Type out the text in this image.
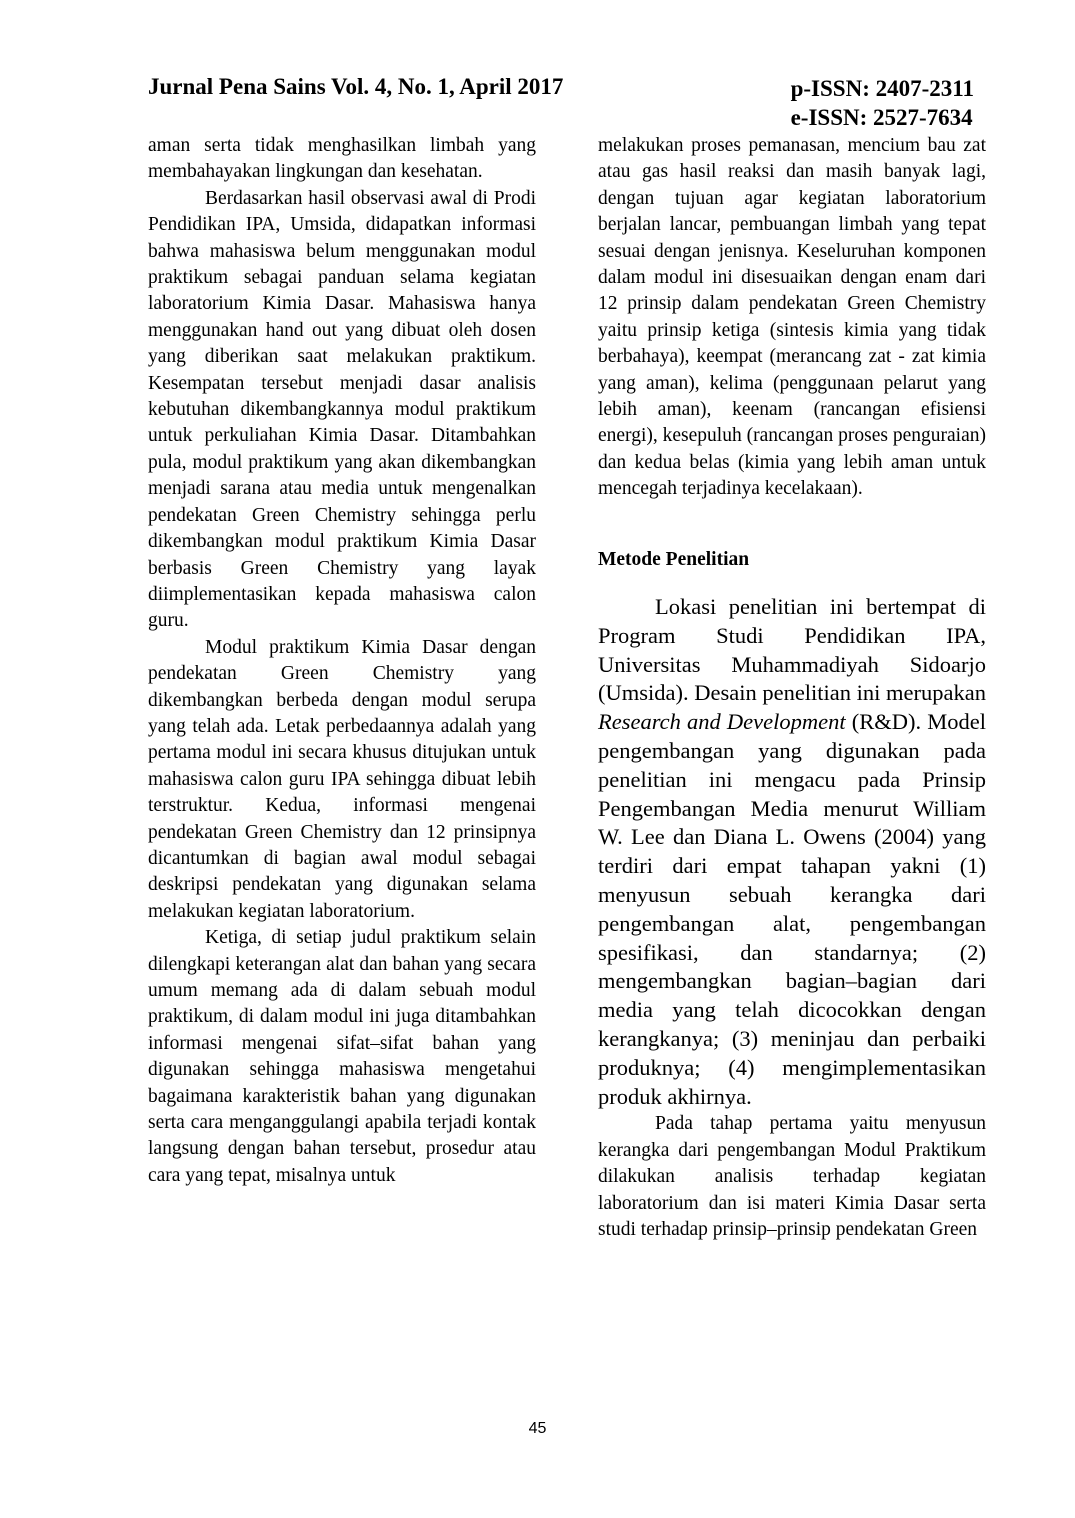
Jurnal Pena Sains Vol. 4, No. 1, April 2017	p-ISSN: 2407-2311
e-ISSN: 2527-7634

aman serta tidak menghasilkan limbah yang membahayakan lingkungan dan kesehatan.

Berdasarkan hasil observasi awal di Prodi Pendidikan IPA, Umsida, didapatkan informasi bahwa mahasiswa belum menggunakan modul praktikum sebagai panduan selama kegiatan laboratorium Kimia Dasar. Mahasiswa hanya menggunakan hand out yang dibuat oleh dosen yang diberikan saat melakukan praktikum. Kesempatan tersebut menjadi dasar analisis kebutuhan dikembangkannya modul praktikum untuk perkuliahan Kimia Dasar. Ditambahkan pula, modul praktikum yang akan dikembangkan menjadi sarana atau media untuk mengenalkan pendekatan Green Chemistry sehingga perlu dikembangkan modul praktikum Kimia Dasar berbasis Green Chemistry yang layak diimplementasikan kepada mahasiswa calon guru.

Modul praktikum Kimia Dasar dengan pendekatan Green Chemistry yang dikembangkan berbeda dengan modul serupa yang telah ada. Letak perbedaannya adalah yang pertama modul ini secara khusus ditujukan untuk mahasiswa calon guru IPA sehingga dibuat lebih terstruktur. Kedua, informasi mengenai pendekatan Green Chemistry dan 12 prinsipnya dicantumkan di bagian awal modul sebagai deskripsi pendekatan yang digunakan selama melakukan kegiatan laboratorium.

Ketiga, di setiap judul praktikum selain dilengkapi keterangan alat dan bahan yang secara umum memang ada di dalam sebuah modul praktikum, di dalam modul ini juga ditambahkan informasi mengenai sifat–sifat bahan yang digunakan sehingga mahasiswa mengetahui bagaimana karakteristik bahan yang digunakan serta cara menganggulangi apabila terjadi kontak langsung dengan bahan tersebut, prosedur atau cara yang tepat, misalnya untuk

melakukan proses pemanasan, mencium bau zat atau gas hasil reaksi dan masih banyak lagi, dengan tujuan agar kegiatan laboratorium berjalan lancar, pembuangan limbah yang tepat sesuai dengan jenisnya. Keseluruhan komponen dalam modul ini disesuaikan dengan enam dari 12 prinsip dalam pendekatan Green Chemistry yaitu prinsip ketiga (sintesis kimia yang tidak berbahaya), keempat (merancang zat - zat kimia yang aman), kelima (penggunaan pelarut yang lebih aman), keenam (rancangan efisiensi energi), kesepuluh (rancangan proses penguraian) dan kedua belas (kimia yang lebih aman untuk mencegah terjadinya kecelakaan).

Metode Penelitian

Lokasi penelitian ini bertempat di Program Studi Pendidikan IPA, Universitas Muhammadiyah Sidoarjo (Umsida). Desain penelitian ini merupakan Research and Development (R&D). Model pengembangan yang digunakan pada penelitian ini mengacu pada Prinsip Pengembangan Media menurut William W. Lee dan Diana L. Owens (2004) yang terdiri dari empat tahapan yakni (1) menyusun sebuah kerangka dari pengembangan alat, pengembangan spesifikasi, dan standarnya; (2) mengembangkan bagian–bagian dari media yang telah dicocokkan dengan kerangkanya; (3) meninjau dan perbaiki produknya; (4) mengimplementasikan produk akhirnya.

Pada tahap pertama yaitu menyusun kerangka dari pengembangan Modul Praktikum dilakukan analisis terhadap kegiatan laboratorium dan isi materi Kimia Dasar serta studi terhadap prinsip–prinsip pendekatan Green

45
